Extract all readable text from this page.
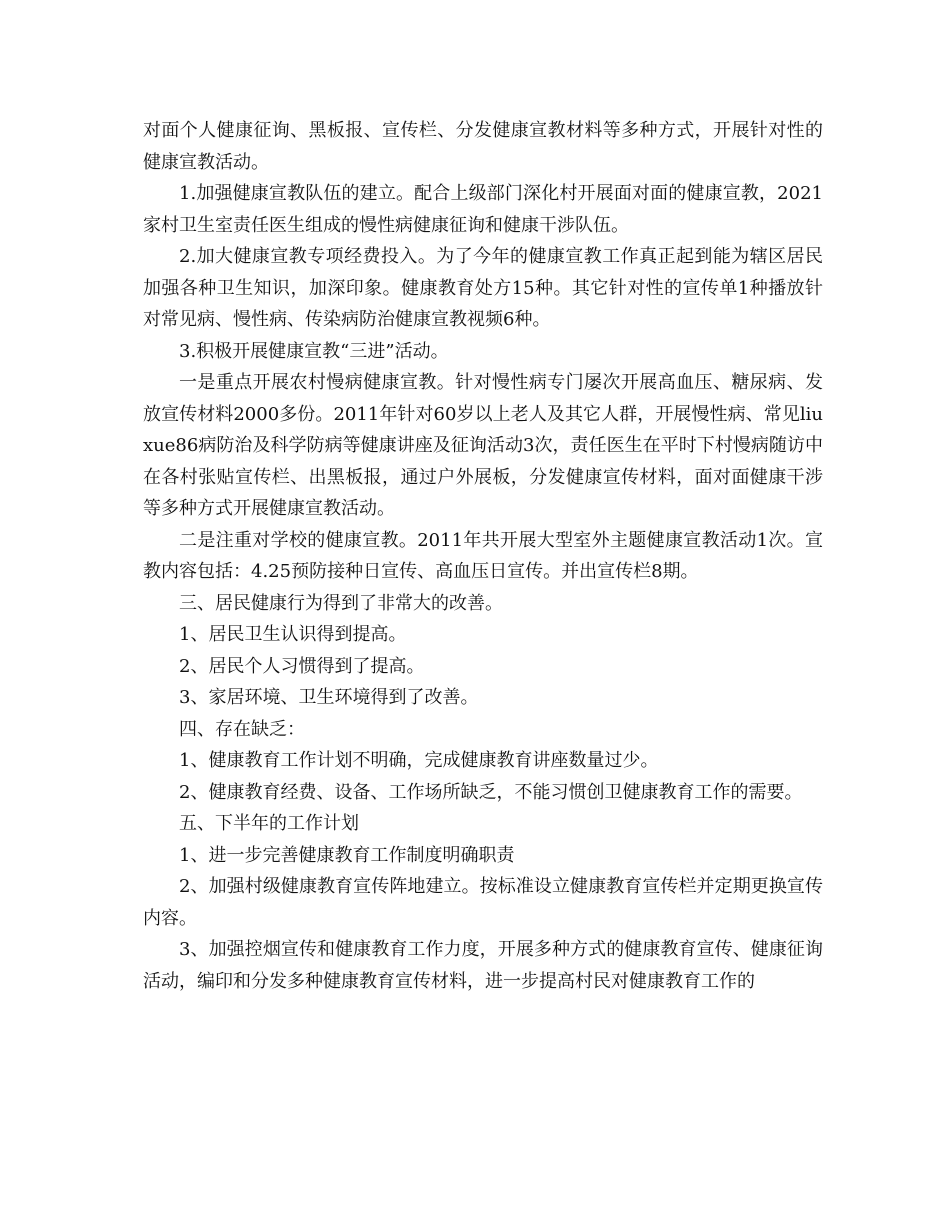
对面个人健康征询、黑板报、宣传栏、分发健康宣教材料等多种方式，开展针对性的健康宣教活动。

1.加强健康宣教队伍的建立。配合上级部门深化村开展面对面的健康宣教，2021家村卫生室责任医生组成的慢性病健康征询和健康干涉队伍。

2.加大健康宣教专项经费投入。为了今年的健康宣教工作真正起到能为辖区居民加强各种卫生知识，加深印象。健康教育处方15种。其它针对性的宣传单1种播放针对常见病、慢性病、传染病防治健康宣教视频6种。

3.积极开展健康宣教“三进”活动。

一是重点开展农村慢病健康宣教。针对慢性病专门屡次开展高血压、糖尿病、发放宣传材料2000多份。2011年针对60岁以上老人及其它人群，开展慢性病、常见liuxue86病防治及科学防病等健康讲座及征询活动3次，责任医生在平时下村慢病随访中在各村张贴宣传栏、出黑板报，通过户外展板，分发健康宣传材料，面对面健康干涉等多种方式开展健康宣教活动。

二是注重对学校的健康宣教。2011年共开展大型室外主题健康宣教活动1次。宣教内容包括：4.25预防接种日宣传、高血压日宣传。并出宣传栏8期。

三、居民健康行为得到了非常大的改善。

1、居民卫生认识得到提高。

2、居民个人习惯得到了提高。

3、家居环境、卫生环境得到了改善。

四、存在缺乏：

1、健康教育工作计划不明确，完成健康教育讲座数量过少。

2、健康教育经费、设备、工作场所缺乏，不能习惯创卫健康教育工作的需要。

五、下半年的工作计划

1、进一步完善健康教育工作制度明确职责

2、加强村级健康教育宣传阵地建立。按标准设立健康教育宣传栏并定期更换宣传内容。

3、加强控烟宣传和健康教育工作力度，开展多种方式的健康教育宣传、健康征询活动，编印和分发多种健康教育宣传材料，进一步提高村民对健康教育工作的
